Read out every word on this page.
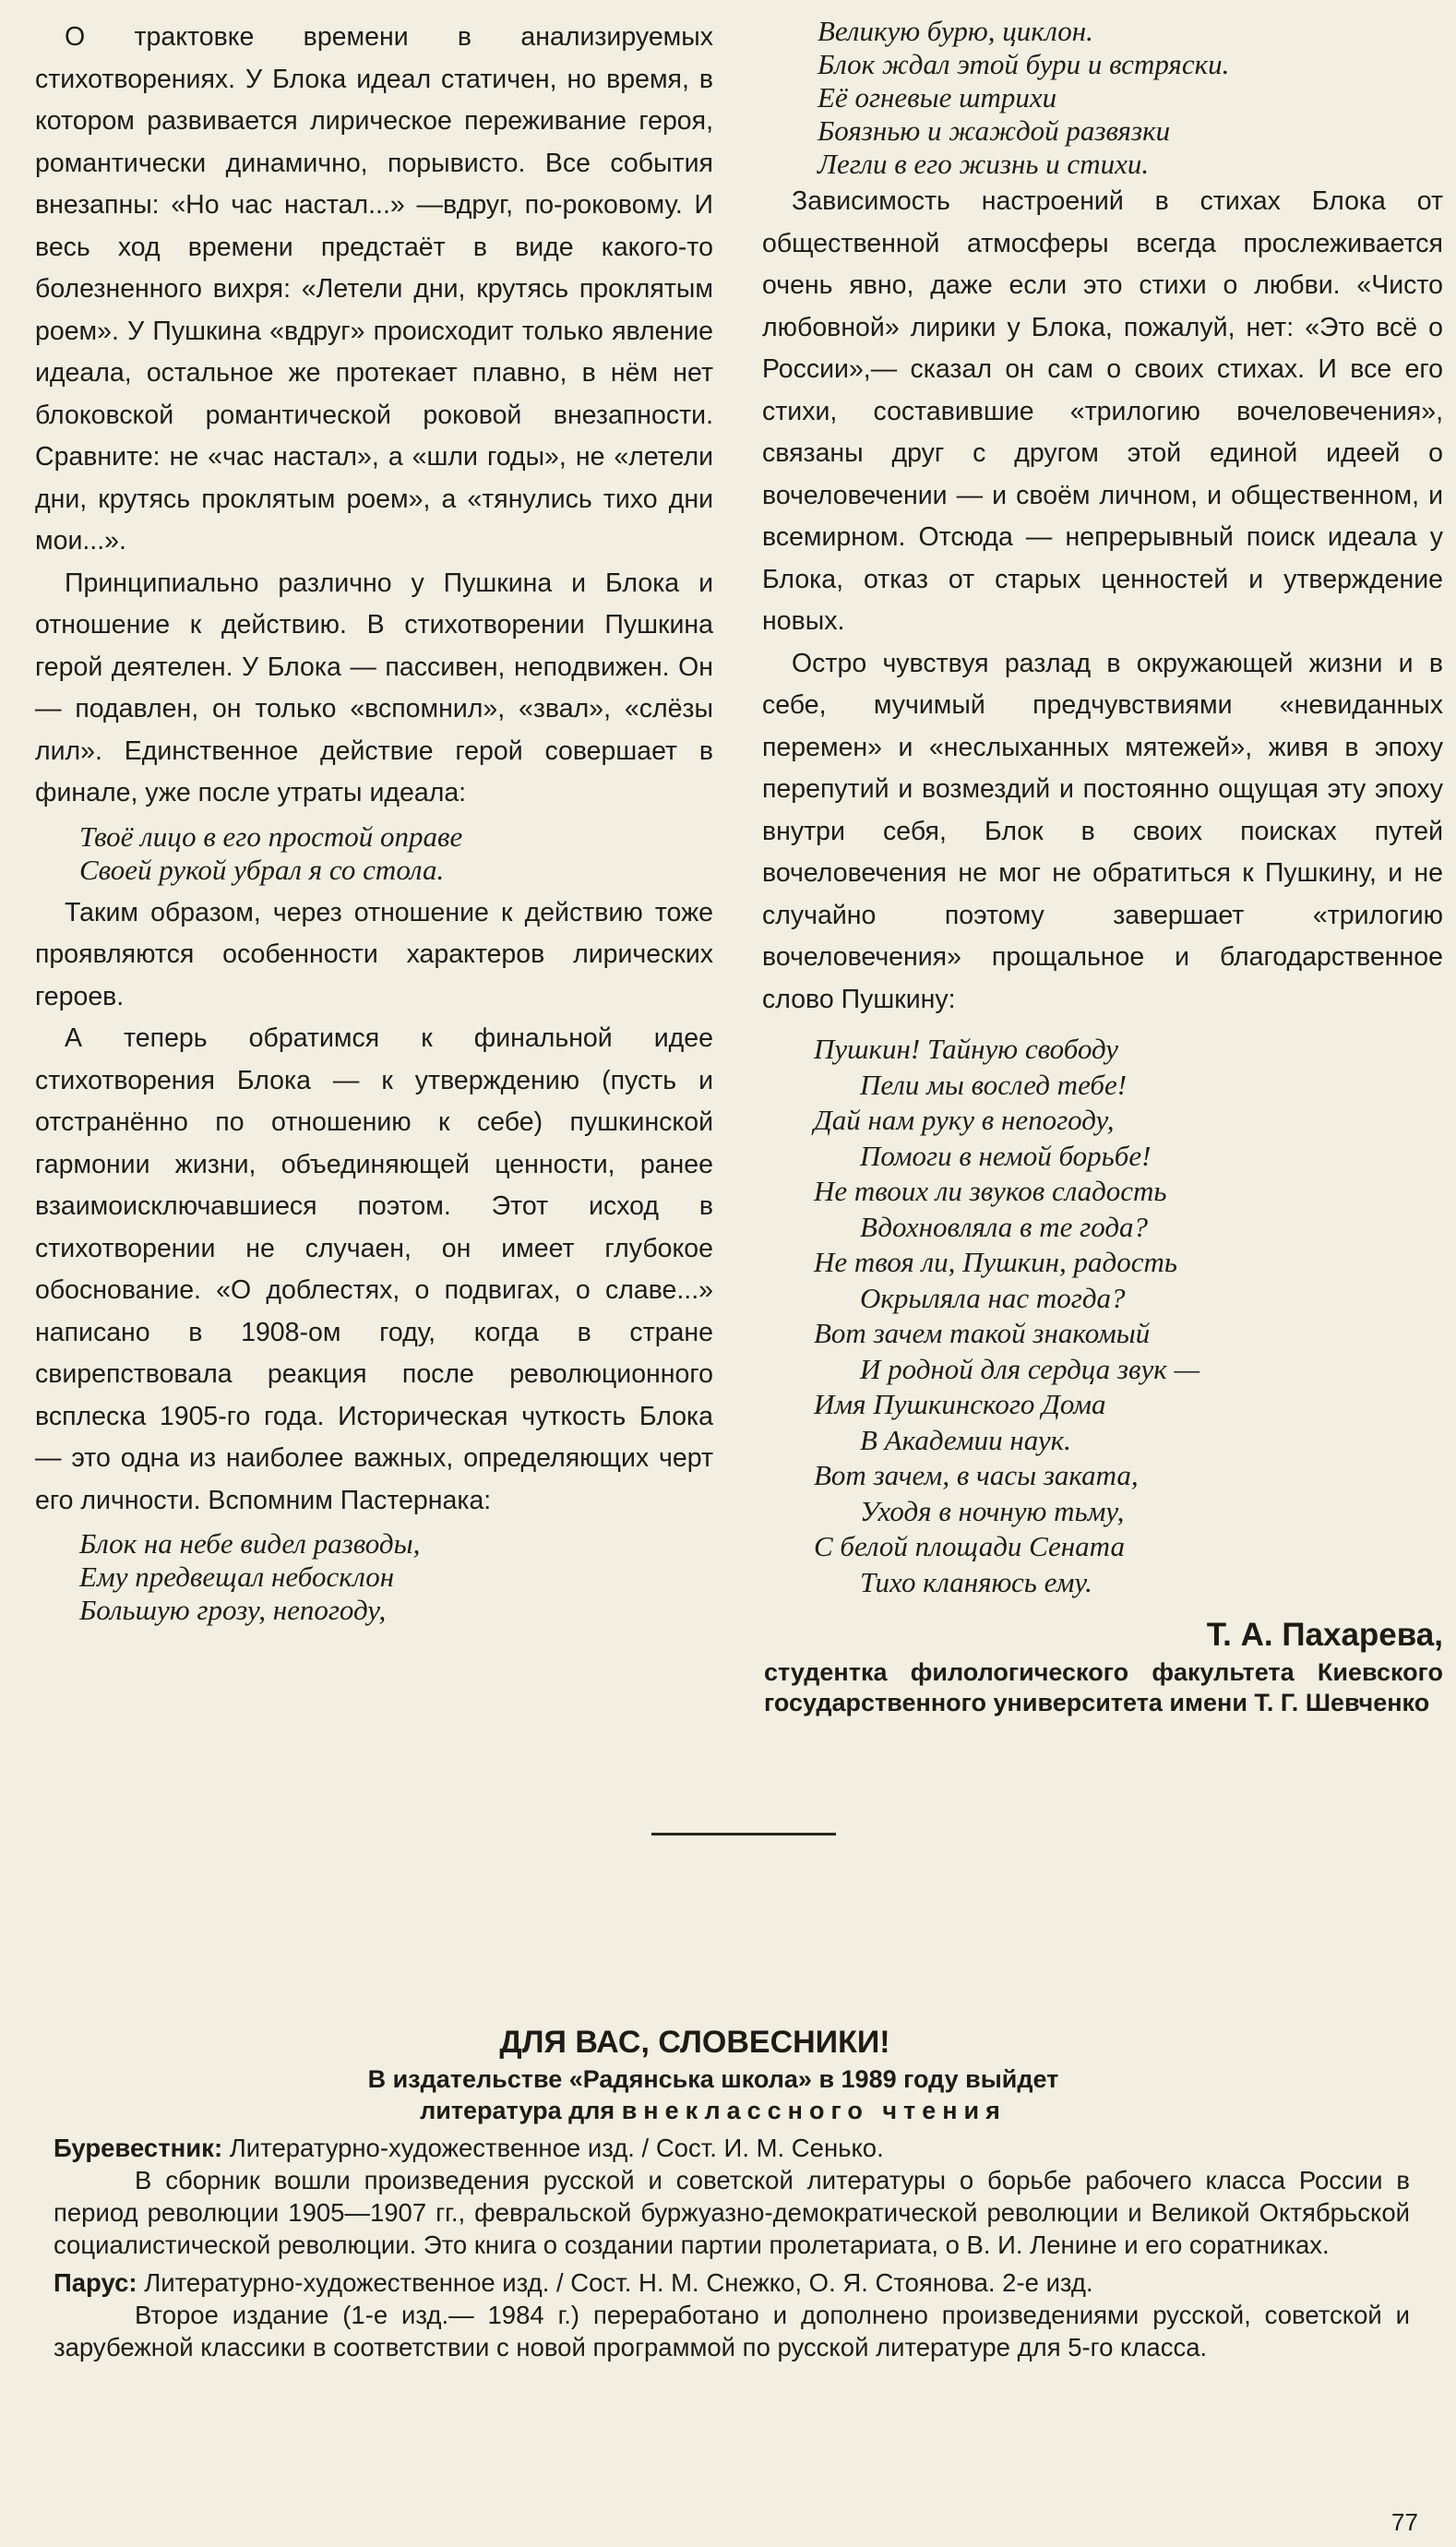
О трактовке времени в анализируемых стихотворениях. У Блока идеал статичен, но время, в котором развивается лирическое переживание героя, романтически динамично, порывисто. Все события внезапны: «Но час настал...» —вдруг, по-роковому. И весь ход времени предстаёт в виде какого-то болезненного вихря: «Летели дни, крутясь проклятым роем». У Пушкина «вдруг» происходит только явление идеала, остальное же протекает плавно, в нём нет блоковской романтической роковой внезапности. Сравните: не «час настал», а «шли годы», не «летели дни, крутясь проклятым роем», а «тянулись тихо дни мои...».

Принципиально различно у Пушкина и Блока и отношение к действию. В стихотворении Пушкина герой деятелен. У Блока — пассивен, неподвижен. Он — подавлен, он только «вспомнил», «звал», «слёзы лил». Единственное действие герой совершает в финале, уже после утраты идеала:

Твоё лицо в его простой оправе
Своей рукой убрал я со стола.

Таким образом, через отношение к действию тоже проявляются особенности характеров лирических героев.

А теперь обратимся к финальной идее стихотворения Блока — к утверждению (пусть и отстранённо по отношению к себе) пушкинской гармонии жизни, объединяющей ценности, ранее взаимоисключавшиеся поэтом. Этот исход в стихотворении не случаен, он имеет глубокое обоснование. «О доблестях, о подвигах, о славе...» написано в 1908-ом году, когда в стране свирепствовала реакция после революционного всплеска 1905-го года. Историческая чуткость Блока — это одна из наиболее важных, определяющих черт его личности. Вспомним Пастернака:

Блок на небе видел разводы,
Ему предвещал небосклон
Большую грозу, непогоду,
Великую бурю, циклон.
Блок ждал этой бури и встряски.
Её огневые штрихи
Боязнью и жаждой развязки
Легли в его жизнь и стихи.

Зависимость настроений в стихах Блока от общественной атмосферы всегда прослеживается очень явно, даже если это стихи о любви. «Чисто любовной» лирики у Блока, пожалуй, нет: «Это всё о России»,— сказал он сам о своих стихах. И все его стихи, составившие «трилогию вочеловечения», связаны друг с другом этой единой идеей о вочеловечении — и своём личном, и общественном, и всемирном. Отсюда — непрерывный поиск идеала у Блока, отказ от старых ценностей и утверждение новых.

Остро чувствуя разлад в окружающей жизни и в себе, мучимый предчувствиями «невиданных перемен» и «неслыханных мятежей», живя в эпоху перепутий и возмездий и постоянно ощущая эту эпоху внутри себя, Блок в своих поисках путей вочеловечения не мог не обратиться к Пушкину, и не случайно поэтому завершает «трилогию вочеловечения» прощальное и благодарственное слово Пушкину:

Пушкин! Тайную свободу
Пели мы вослед тебе!
Дай нам руку в непогоду,
Помоги в немой борьбе!
Не твоих ли звуков сладость
Вдохновляла в те года?
Не твоя ли, Пушкин, радость
Окрыляла нас тогда?
Вот зачем такой знакомый
И родной для сердца звук —
Имя Пушкинского Дома
В Академии наук.
Вот зачем, в часы заката,
Уходя в ночную тьму,
С белой площади Сената
Тихо кланяюсь ему.
Т. А. Пахарева,
студентка филологического факультета Киевского государственного университета имени Т. Г. Шевченко
ДЛЯ ВАС, СЛОВЕСНИКИ!
В издательстве «Радянська школа» в 1989 году выйдет
литература для внеклассного чтения
Буревестник: Литературно-художественное изд. / Сост. И. М. Сенько.
В сборник вошли произведения русской и советской литературы о борьбе рабочего класса России в период революции 1905—1907 гг., февральской буржуазно-демократической революции и Великой Октябрьской социалистической революции. Это книга о создании партии пролетариата, о В. И. Ленине и его соратниках.
Парус: Литературно-художественное изд. / Сост. Н. М. Снежко, О. Я. Стоянова. 2-е изд.
Второе издание (1-е изд.— 1984 г.) переработано и дополнено произведениями русской, советской и зарубежной классики в соответствии с новой программой по русской литературе для 5-го класса.
77
